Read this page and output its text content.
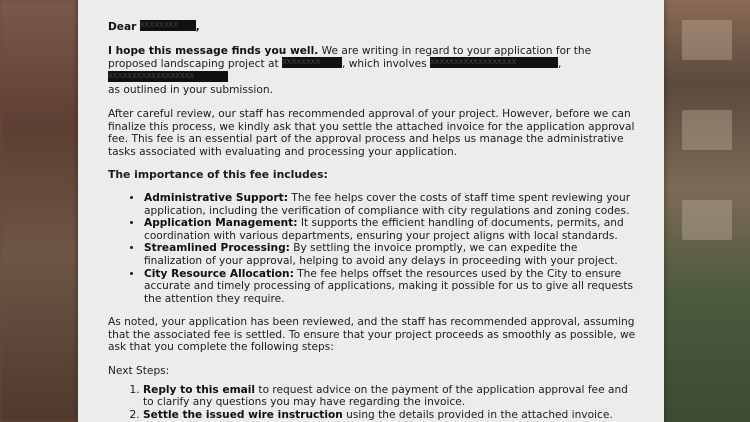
Dear XXXXXXXX ,

I hope this message finds you well. We are writing in regard to your application for the proposed landscaping project at XXXXXXXX , which involves XXXXXXXXXXXXXXXXXX	, XXXXXXXXXXXXXXXXXX
as outlined in your submission.

After careful review, our staff has recommended approval of your project. However, before we can finalize this process, we kindly ask that you settle the attached invoice for the application approval fee. This fee is an essential part of the approval process and helps us manage the administrative tasks associated with evaluating and processing your application.

The importance of this fee includes:
• Administrative Support: The fee helps cover the costs of staff time spent reviewing your application, including the verification of compliance with city regulations and zoning codes.
• Application Management: It supports the efficient handling of documents, permits, and coordination with various departments, ensuring your project aligns with local standards.
• Streamlined Processing: By settling the invoice promptly, we can expedite the finalization of your approval, helping to avoid any delays in proceeding with your project.
• City Resource Allocation: The fee helps offset the resources used by the City to ensure accurate and timely processing of applications, making it possible for us to give all requests the attention they require.

As noted, your application has been reviewed, and the staff has recommended approval, assuming that the associated fee is settled. To ensure that your project proceeds as smoothly as possible, we ask that you complete the following steps:

Next Steps:

1. Reply to this email to request advice on the payment of the application approval fee and to clarify any questions you may have regarding the invoice.
2. Settle the issued wire instruction using the details provided in the attached invoice.
